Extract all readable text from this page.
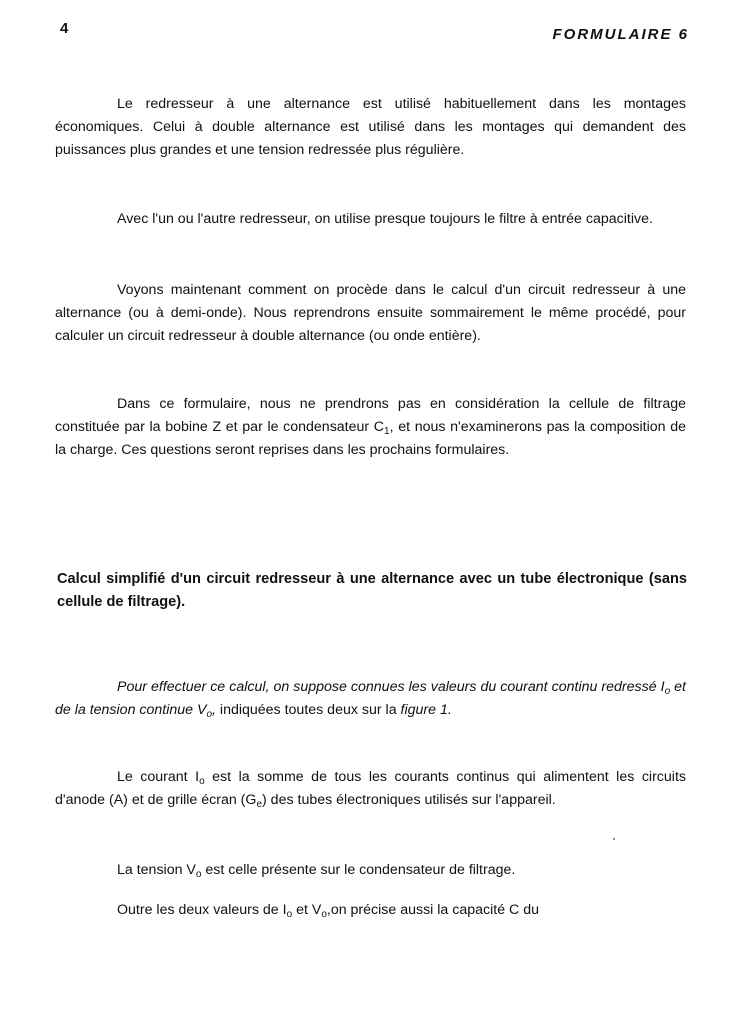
4	FORMULAIRE 6

Le redresseur à une alternance est utilisé habituellement dans les montages économiques. Celui à double alternance est utilisé dans les montages qui demandent des puissances plus grandes et une tension redressée plus régulière.

Avec l'un ou l'autre redresseur, on utilise presque toujours le filtre à entrée capacitive.

Voyons maintenant comment on procède dans le calcul d'un circuit redresseur à une alternance (ou à demi-onde). Nous reprendrons ensuite sommairement le même procédé, pour calculer un circuit redresseur à double alternance (ou onde entière).

Dans ce formulaire, nous ne prendrons pas en considération la cellule de filtrage constituée par la bobine Z et par le condensateur $C_1$, et nous n'examinerons pas la composition de la charge. Ces questions seront reprises dans les prochains formulaires.

Calcul simplifié d'un circuit redresseur à une alternance avec un tube électronique (sans cellule de filtrage).

Pour effectuer ce calcul, on suppose connues les valeurs du courant continu redressé $I_o$ et de la tension continue $V_o$, indiquées toutes deux sur la figure 1.

Le courant $I_o$ est la somme de tous les courants continus qui alimentent les circuits d'anode (A) et de grille écran $(G_e)$ des tubes électroniques utilisés sur l'appareil.

La tension $V_o$ est celle présente sur le condensateur de filtrage.

Outre les deux valeurs de $I_o$ et $V_o,on$ précise aussi la capacité C du
